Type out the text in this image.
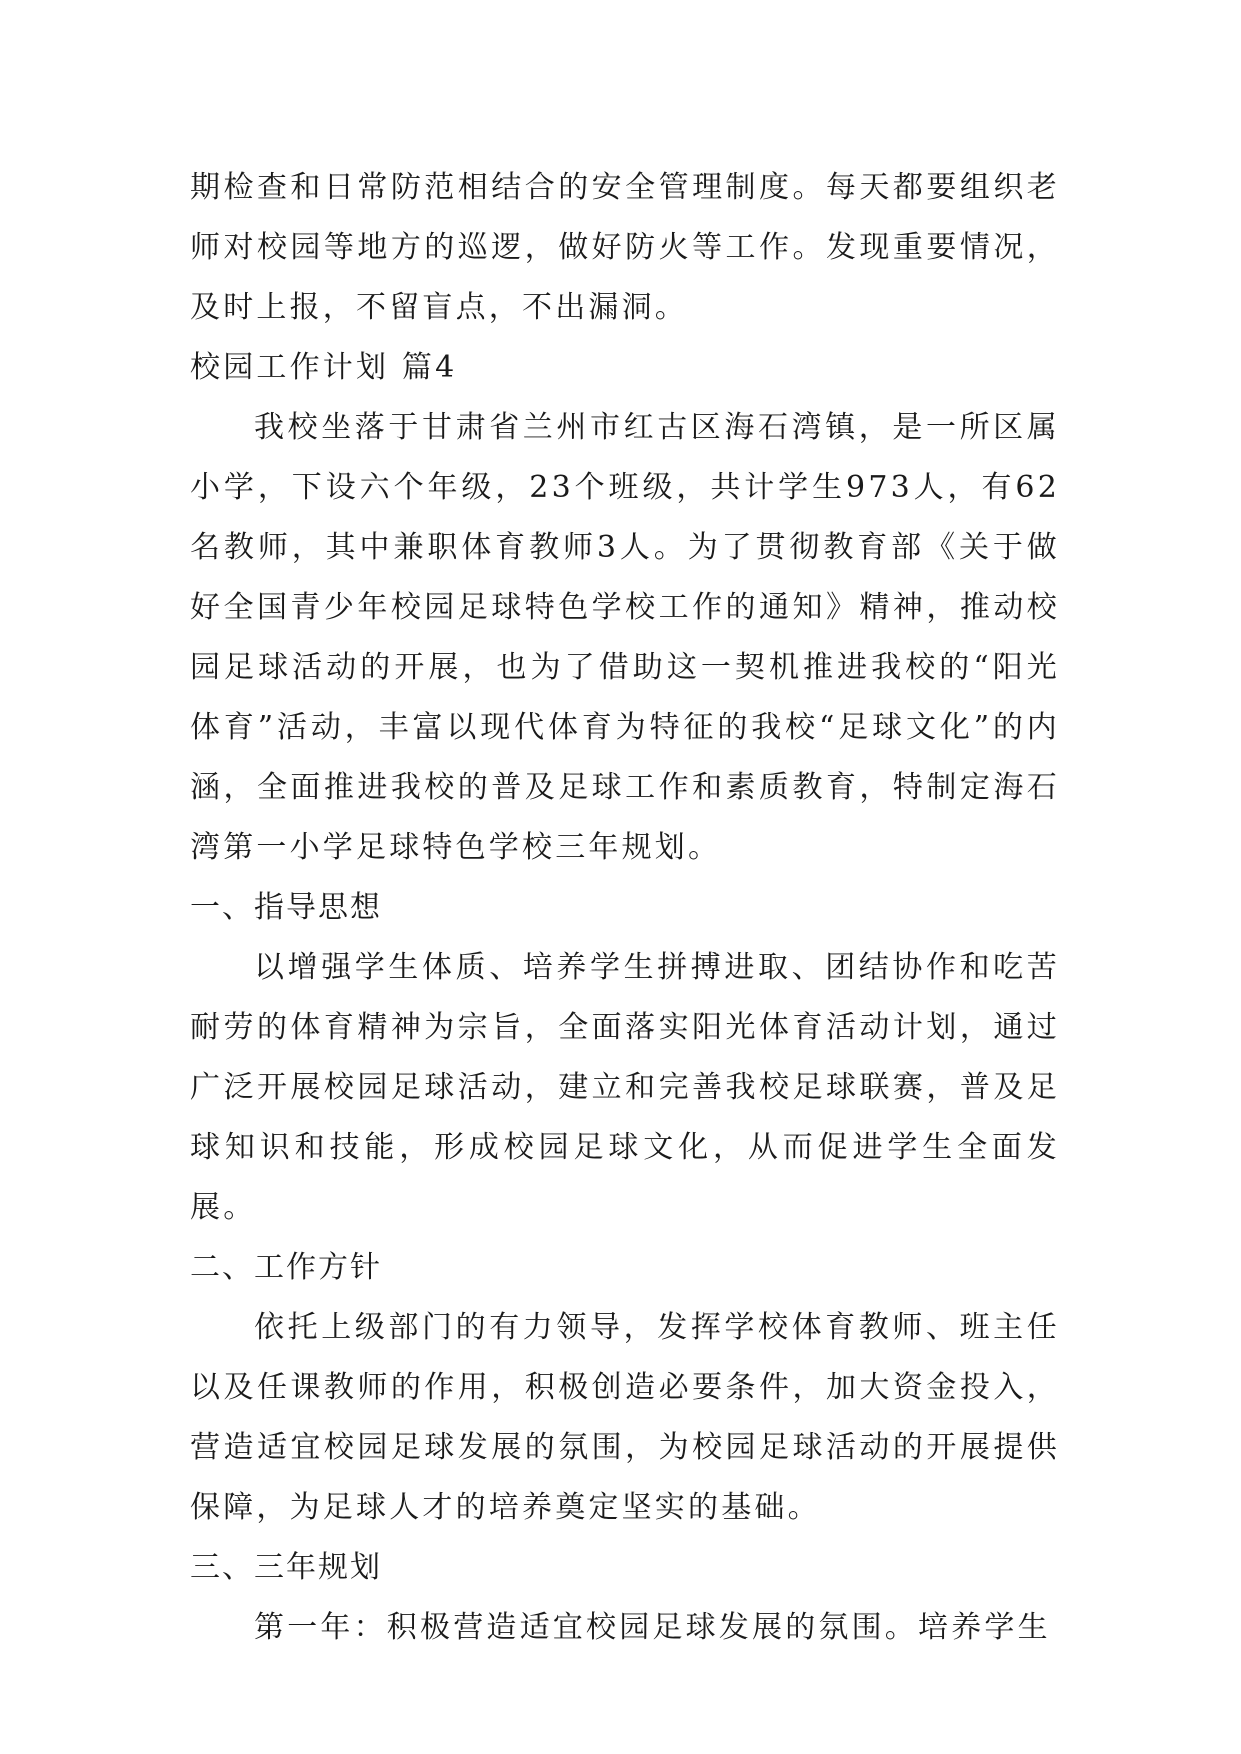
期检查和日常防范相结合的安全管理制度。每天都要组织老师对校园等地方的巡逻，做好防火等工作。发现重要情况，及时上报，不留盲点，不出漏洞。

校园工作计划 篇4

我校坐落于甘肃省兰州市红古区海石湾镇，是一所区属小学，下设六个年级，23个班级，共计学生973人，有62名教师，其中兼职体育教师3人。为了贯彻教育部《关于做好全国青少年校园足球特色学校工作的通知》精神，推动校园足球活动的开展，也为了借助这一契机推进我校的“阳光体育”活动，丰富以现代体育为特征的我校“足球文化”的内涵，全面推进我校的普及足球工作和素质教育，特制定海石湾第一小学足球特色学校三年规划。

一、指导思想

以增强学生体质、培养学生拼搏进取、团结协作和吃苦耐劳的体育精神为宗旨，全面落实阳光体育活动计划，通过广泛开展校园足球活动，建立和完善我校足球联赛，普及足球知识和技能，形成校园足球文化，从而促进学生全面发展。

二、工作方针

依托上级部门的有力领导，发挥学校体育教师、班主任以及任课教师的作用，积极创造必要条件，加大资金投入，营造适宜校园足球发展的氛围，为校园足球活动的开展提供保障，为足球人才的培养奠定坚实的基础。

三、三年规划

第一年：积极营造适宜校园足球发展的氛围。培养学生
